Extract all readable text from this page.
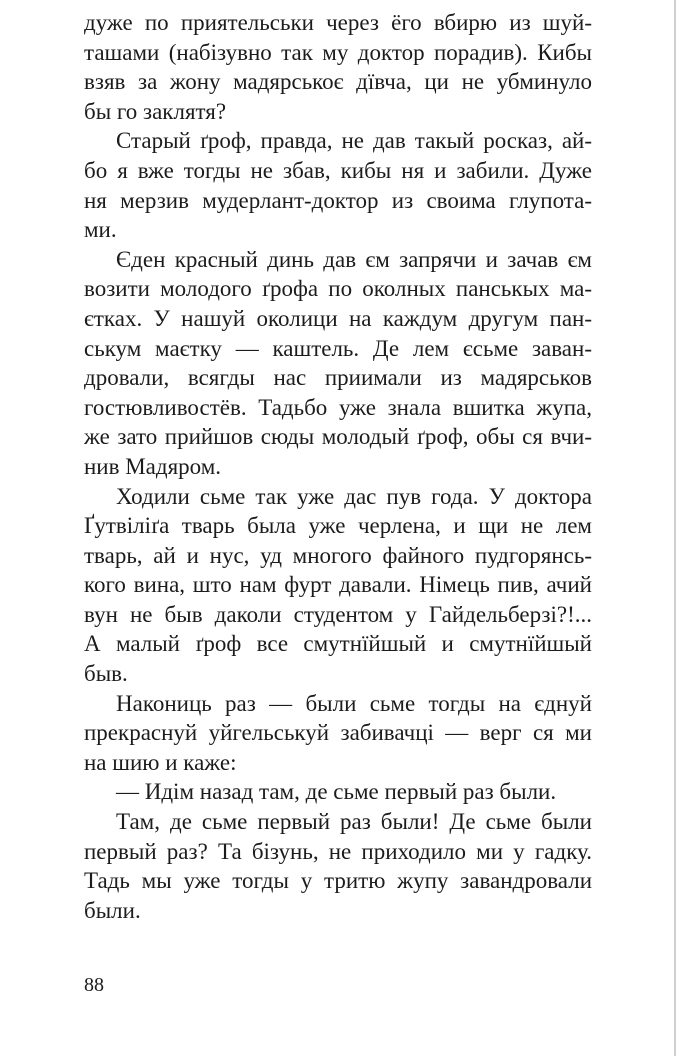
дуже по приятельськи через ёго вбирю из шуй-
ташами (набізувно так му доктор порадив). Кибы
взяв за жону мадярськоє дївча, ци не убминуло
бы го заклятя?
Старый ґроф, правда, не дав такый росказ, ай-
бо я вже тогды не збав, кибы ня и забили. Дуже
ня мерзив мудерлант-доктор из своима глупота-
ми.
Єден красный динь дав єм запрячи и зачав єм
возити молодого ґрофа по околных панськых ма-
єтках. У нашуй околици на каждум другум пан-
ськум маєтку — каштель. Де лем єсьме заван-
дровали, всягды нас приимали из мадярськов
гостювливостёв. Тадьбо уже знала вшитка жупа,
же зато прийшов сюды молодый ґроф, обы ся вчи-
нив Мадяром.
Ходили сьме так уже дас пув года. У доктора
Ґутвіліґа тварь была уже черлена, и щи не лем
тварь, ай и нус, уд многого файного пудгорянсь-
кого вина, што нам фурт давали. Німець пив, ачий
вун не быв даколи студентом у Гайдельберзі?!...
А малый ґроф все смутнїйшый и смутнїйшый
быв.
Накониць раз — были сьме тогды на єднуй
прекраснуй уйгельськуй забивачці — верг ся ми
на шию и каже:
— Идім назад там, де сьме первый раз были.
Там, де сьме первый раз были! Де сьме были
первый раз? Та бізунь, не приходило ми у гадку.
Тадь мы уже тогды у тритю жупу завандровали
были.
88
